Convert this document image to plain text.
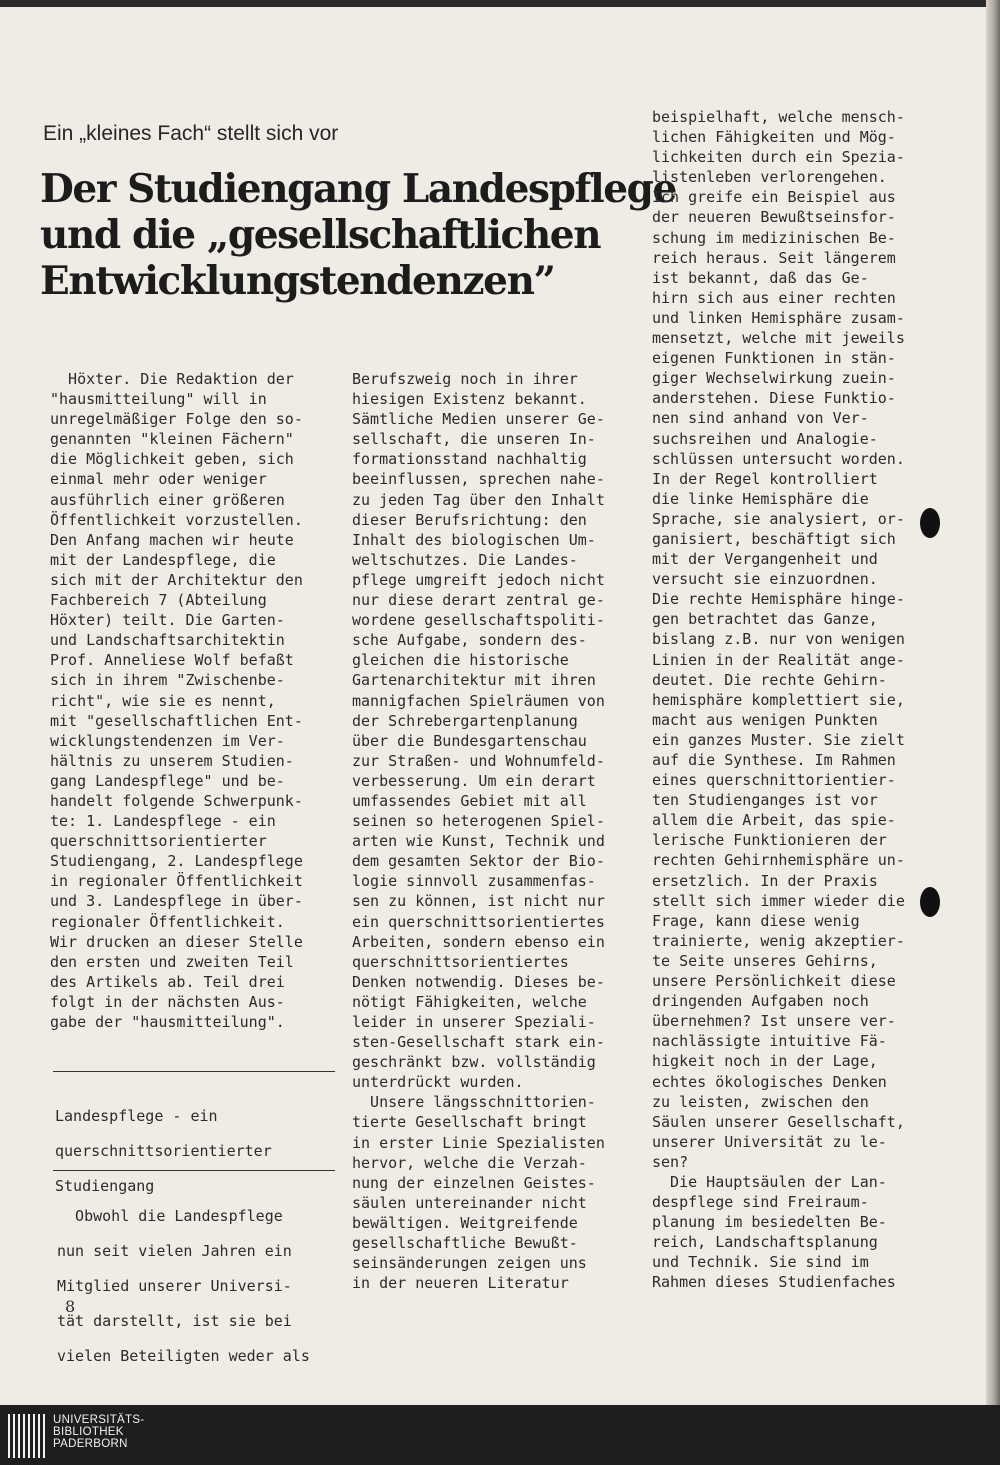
Ein „kleines Fach“ stellt sich vor
Der Studiengang Landespflege
und die „gesellschaftlichen
Entwicklungstendenzen”

Höxter. Die Redaktion der

"hausmitteilung" will in

unregelmäßiger Folge den so-

genannten "kleinen Fächern"

die Möglichkeit geben, sich

einmal mehr oder weniger

ausführlich einer größeren

Öffentlichkeit vorzustellen.

Den Anfang machen wir heute

mit der Landespflege, die

sich mit der Architektur den

Fachbereich 7 (Abteilung

Höxter) teilt. Die Garten-

und Landschaftsarchitektin

Prof. Anneliese Wolf befaßt

sich in ihrem "Zwischenbe-

richt", wie sie es nennt,

mit "gesellschaftlichen Ent-

wicklungstendenzen im Ver-

hältnis zu unserem Studien-

gang Landespflege" und be-

handelt folgende Schwerpunk-

te: 1. Landespflege - ein

querschnittsorientierter

Studiengang, 2. Landespflege

in regionaler Öffentlichkeit

und 3. Landespflege in über-

regionaler Öffentlichkeit.

Wir drucken an dieser Stelle

den ersten und zweiten Teil

des Artikels ab. Teil drei

folgt in der nächsten Aus-

gabe der "hausmitteilung".

Landespflege - ein

querschnittsorientierter

Studiengang

Obwohl die Landespflege

nun seit vielen Jahren ein

Mitglied unserer Universi-

tät darstellt, ist sie bei

vielen Beteiligten weder als

Berufszweig noch in ihrer

hiesigen Existenz bekannt.

Sämtliche Medien unserer Ge-

sellschaft, die unseren In-

formationsstand nachhaltig

beeinflussen, sprechen nahe-

zu jeden Tag über den Inhalt

dieser Berufsrichtung: den

Inhalt des biologischen Um-

weltschutzes. Die Landes-

pflege umgreift jedoch nicht

nur diese derart zentral ge-

wordene gesellschaftspoliti-

sche Aufgabe, sondern des-

gleichen die historische

Gartenarchitektur mit ihren

mannigfachen Spielräumen von

der Schrebergartenplanung

über die Bundesgartenschau

zur Straßen- und Wohnumfeld-

verbesserung. Um ein derart

umfassendes Gebiet mit all

seinen so heterogenen Spiel-

arten wie Kunst, Technik und

dem gesamten Sektor der Bio-

logie sinnvoll zusammenfas-

sen zu können, ist nicht nur

ein querschnittsorientiertes

Arbeiten, sondern ebenso ein

querschnittsorientiertes

Denken notwendig. Dieses be-

nötigt Fähigkeiten, welche

leider in unserer Speziali-

sten-Gesellschaft stark ein-

geschränkt bzw. vollständig

unterdrückt wurden.

Unsere längsschnittorien-

tierte Gesellschaft bringt

in erster Linie Spezialisten

hervor, welche die Verzah-

nung der einzelnen Geistes-

säulen untereinander nicht

bewältigen. Weitgreifende

gesellschaftliche Bewußt-

seinsänderungen zeigen uns

in der neueren Literatur

beispielhaft, welche mensch-

lichen Fähigkeiten und Mög-

lichkeiten durch ein Spezia-

listenleben verlorengehen.

Ich greife ein Beispiel aus

der neueren Bewußtseinsfor-

schung im medizinischen Be-

reich heraus. Seit längerem

ist bekannt, daß das Ge-

hirn sich aus einer rechten

und linken Hemisphäre zusam-

mensetzt, welche mit jeweils

eigenen Funktionen in stän-

giger Wechselwirkung zuein-

anderstehen. Diese Funktio-

nen sind anhand von Ver-

suchsreihen und Analogie-

schlüssen untersucht worden.

In der Regel kontrolliert

die linke Hemisphäre die

Sprache, sie analysiert, or-

ganisiert, beschäftigt sich

mit der Vergangenheit und

versucht sie einzuordnen.

Die rechte Hemisphäre hinge-

gen betrachtet das Ganze,

bislang z.B. nur von wenigen

Linien in der Realität ange-

deutet. Die rechte Gehirn-

hemisphäre komplettiert sie,

macht aus wenigen Punkten

ein ganzes Muster. Sie zielt

auf die Synthese. Im Rahmen

eines querschnittorientier-

ten Studienganges ist vor

allem die Arbeit, das spie-

lerische Funktionieren der

rechten Gehirnhemisphäre un-

ersetzlich. In der Praxis

stellt sich immer wieder die

Frage, kann diese wenig

trainierte, wenig akzeptier-

te Seite unseres Gehirns,

unsere Persönlichkeit diese

dringenden Aufgaben noch

übernehmen? Ist unsere ver-

nachlässigte intuitive Fä-

higkeit noch in der Lage,

echtes ökologisches Denken

zu leisten, zwischen den

Säulen unserer Gesellschaft,

unserer Universität zu le-

sen?

Die Hauptsäulen der Lan-

despflege sind Freiraum-

planung im besiedelten Be-

reich, Landschaftsplanung

und Technik. Sie sind im

Rahmen dieses Studienfaches

8
UNIVERSITÄTS-
BIBLIOTHEK
PADERBORN
